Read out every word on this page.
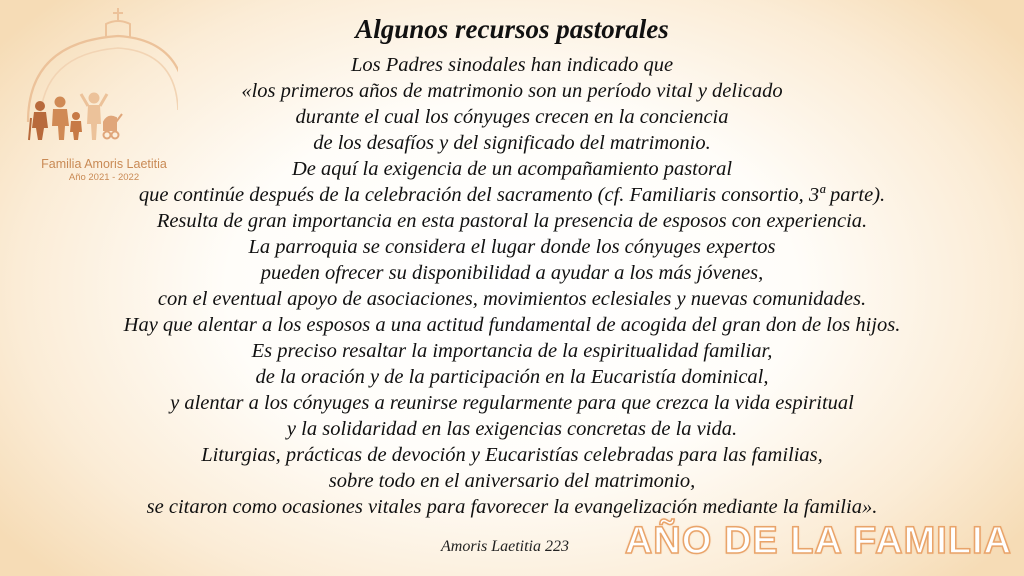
Familia Amoris Laetitia
Año 2021 - 2022
Algunos recursos pastorales
Los Padres sinodales han indicado que
«los primeros años de matrimonio son un período vital y delicado
durante el cual los cónyuges crecen en la conciencia
de los desafíos y del significado del matrimonio.
De aquí la exigencia de un acompañamiento pastoral
que continúe después de la celebración del sacramento (cf. Familiaris consortio, 3ª parte).
Resulta de gran importancia en esta pastoral la presencia de esposos con experiencia.
La parroquia se considera el lugar donde los cónyuges expertos
pueden ofrecer su disponibilidad a ayudar a los más jóvenes,
con el eventual apoyo de asociaciones, movimientos eclesiales y nuevas comunidades.
Hay que alentar a los esposos a una actitud fundamental de acogida del gran don de los hijos.
Es preciso resaltar la importancia de la espiritualidad familiar,
de la oración y de la participación en la Eucaristía dominical,
y alentar a los cónyuges a reunirse regularmente para que crezca la vida espiritual
y la solidaridad en las exigencias concretas de la vida.
Liturgias, prácticas de devoción y Eucaristías celebradas para las familias,
sobre todo en el aniversario del matrimonio,
se citaron como ocasiones vitales para favorecer la evangelización mediante la familia».
Amoris Laetitia 223	AÑO DE LA FAMILIA
